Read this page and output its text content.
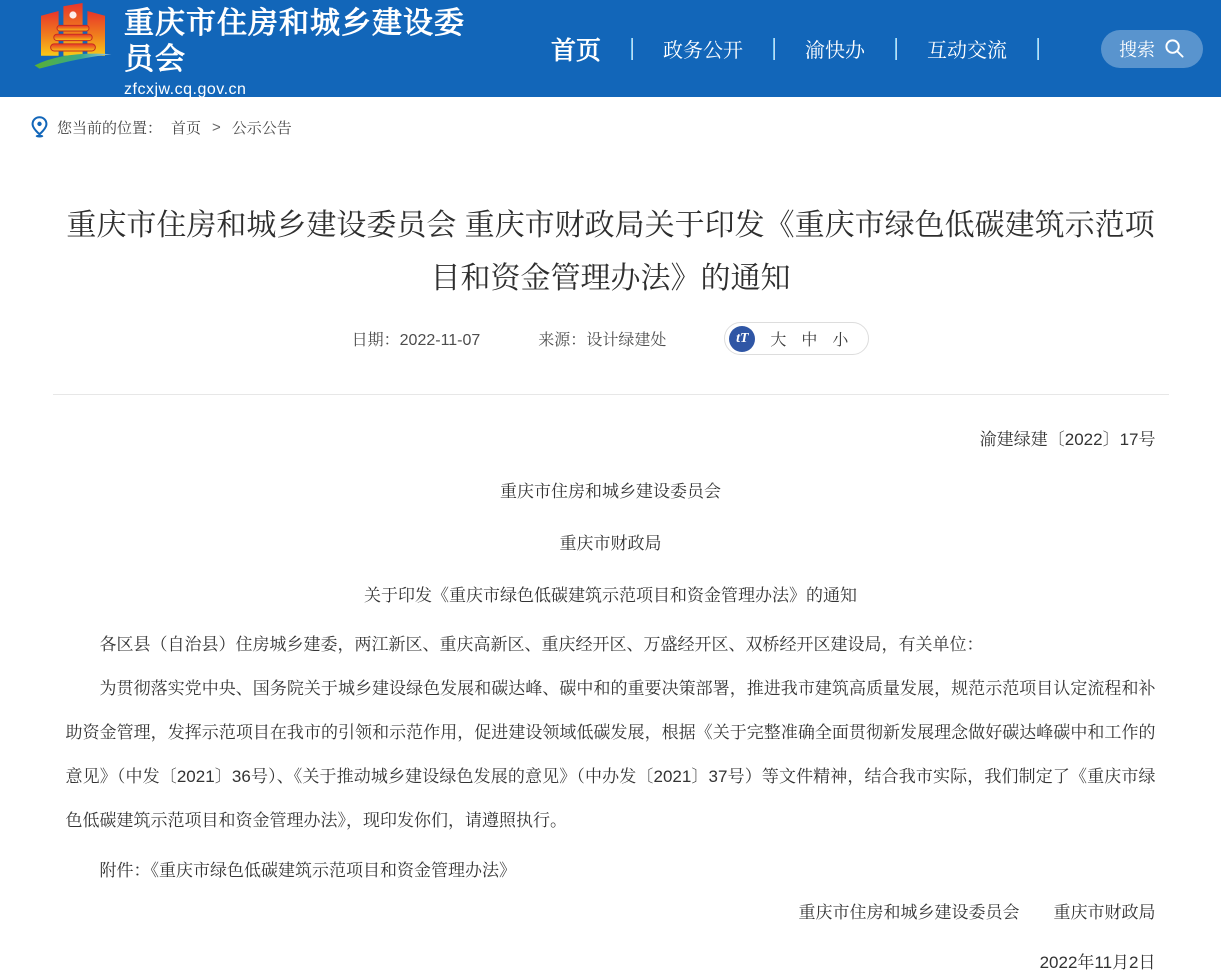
重庆市住房和城乡建设委员会
zfcxjw.cq.gov.cn
首页	政务公开	渝快办	互动交流	搜索
您当前的位置： 首页 > 公示公告
重庆市住房和城乡建设委员会 重庆市财政局关于印发《重庆市绿色低碳建筑示范项目和资金管理办法》的通知
日期：2022-11-07	来源：设计绿建处	tT	大 中 小

渝建绿建〔2022〕17号

重庆市住房和城乡建设委员会

重庆市财政局

关于印发《重庆市绿色低碳建筑示范项目和资金管理办法》的通知

各区县（自治县）住房城乡建委，两江新区、重庆高新区、重庆经开区、万盛经开区、双桥经开区建设局，有关单位：

为贯彻落实党中央、国务院关于城乡建设绿色发展和碳达峰、碳中和的重要决策部署，推进我市建筑高质量发展，规范示范项目认定流程和补助资金管理，发挥示范项目在我市的引领和示范作用，促进建设领域低碳发展，根据《关于完整准确全面贯彻新发展理念做好碳达峰碳中和工作的意见》（中发〔2021〕36号）、《关于推动城乡建设绿色发展的意见》（中办发〔2021〕37号）等文件精神，结合我市实际，我们制定了《重庆市绿色低碳建筑示范项目和资金管理办法》，现印发你们，请遵照执行。

附件：《重庆市绿色低碳建筑示范项目和资金管理办法》

重庆市住房和城乡建设委员会　　重庆市财政局

2022年11月2日
